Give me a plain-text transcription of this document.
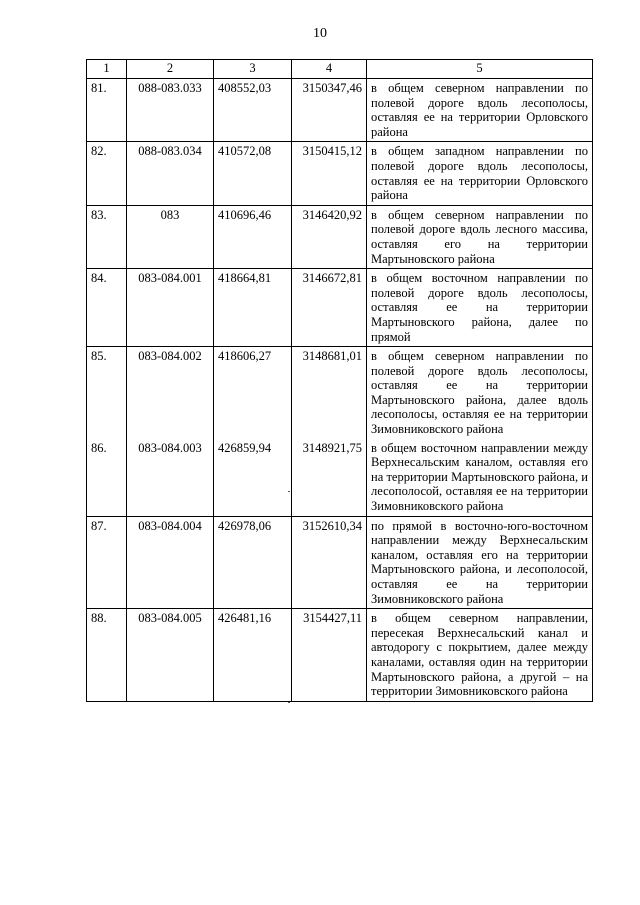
10
1	2	3	4	5
81.	088-083.033	408552,03	3150347,46	в общем северном направлении по полевой дороге вдоль лесополосы, оставляя ее на территории Орловского района
82.	088-083.034	410572,08	3150415,12	в общем западном направлении по полевой дороге вдоль лесополосы, оставляя ее на территории Орловского района
83.	083	410696,46	3146420,92	в общем северном направлении по полевой дороге вдоль лесного массива, оставляя его на территории Мартыновского района
84.	083-084.001	418664,81	3146672,81	в общем восточном направлении по полевой дороге вдоль лесополосы, оставляя ее на территории Мартыновского района, далее по прямой
85.	083-084.002	418606,27	3148681,01	в общем северном направлении по полевой дороге вдоль лесополосы, оставляя ее на территории Мартыновского района, далее вдоль лесополосы, оставляя ее на территории Зимовниковского района
86.	083-084.003	426859,94	3148921,75	в общем восточном направлении между Верхнесальским каналом, оставляя его на территории Мартыновского района, и лесополосой, оставляя ее на территории Зимовниковского района
87.	083-084.004	426978,06	3152610,34	по прямой в восточно-юго-восточном направлении между Верхнесальским каналом, оставляя его на территории Мартыновского района, и лесополосой, оставляя ее на территории Зимовниковского района
88.	083-084.005	426481,16	3154427,11	в общем северном направлении, пересекая Верхнесальский канал и автодорогу с покрытием, далее между каналами, оставляя один на территории Мартыновского района, а другой – на территории Зимовниковского района
